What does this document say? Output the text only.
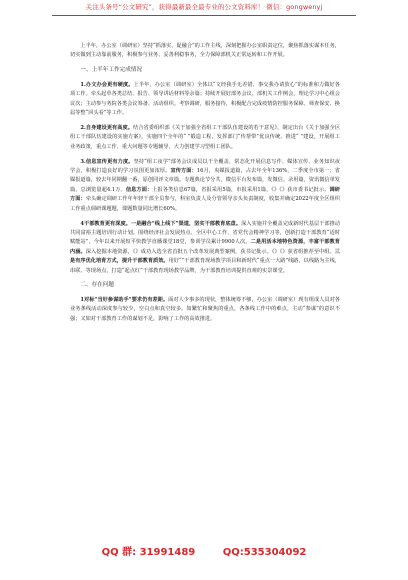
关注头条号“公文研究”，获得最新最全最专业的公文资料库！ 微信：gongwenyj

上半年，办公室（调研室）坚持“抓落实、促融合”的工作主线，深刻把握办公室职责定位，聚焦抓落实谋本任务，切实做到主动靠前服务，积极参与业务、妥善利稳事务，全力保障部机关正常运转和工作开展。

一、上半年工作完成情况

1.办文办会更有硬度。上半年，办公室（调研室）全体以“文经我手无差错、事交我办请放心”的标准和力做好各项工作。牵头起草各类总结、报告、领导讲话材料等余篇；持续开展好部务会议、部机关工作例会，理论学习中心组会议次；主动参与务院各类会议筹备、活动组织。考察调研，服务接待，积极配合完成疫情防控服务保障、筛查保安、换届等整“回头看”等工作。

2.自身建设更有高度。结合省委组织部《关于加强全省组工干部队伍建设的若干意见》，制定出台《关于加强全区组工干部队伍建设的实施方案》，实施四个全年的“ ”锻造工程，发挥部门“传帮带”优良传统，推进“ ”建设，开展组工业务政策，重点工作、重大问题等专题辅导，大力创建学习型组工团队。

3.信息宣传更有力度。坚持“组工夜学”部务会议成员以干全覆盖，常态化开展信息写作、媒体宣传、业务知识夜学会，积极打造良好的学习氛围更加浓厚。宣传方面：16月，央媒报道篇，占去年全年136%，二季度全市第一；省媒报道篇，较去年同期翻一番，原创同评文章篇。专题典论节分共，微信平台发布篇，发微信。录用篇，资讯微信单发篇，总浏览量超4.1万。信息方面：上报各类信息67篇，省报采用5篇，市报采用1篇，《》《》获市委书记批示。调研方面：牵头确定调研工作年年轻干部全员参与，科室负责人及分管领导亲头负责制度，收集并确定2022年度全区组织工作重点调研课题题，课题数量同比增长60%。

4干部教育更有深度。一是融合“线上线下”渠道，坚实干部教育底盘。深入实施并全覆盖完成新时代基层干部推动共同富裕主题培训行动计划。围绕经济社会发展热点、全区中心工作，省党代会精神学习等，创新打造干部教育“适时赋能站”，今年以来开展短平快教学直播课堂18堂，参训学员累计9900人次。二是用活本地特色资源，丰富干部教育内涵。深入挖掘本地资源，《》成功入选全省首批五个改革发展典型案例，获书记批示。《》《》获省组推荐至中组。三是有序优化培育方式，提升干部教育质效。用好“”干部教育现场教学项目和新时代“重点一大路”线路，以线路为主线，串联、等现场点，打造“起点红”干部教育现场教学品牌，为干部教育培训提供直观的实景课堂。

二、存在问题

1对标“当好参谋助手”要求仍有差距。面对人少事多的现状，整体统筹不够，办公室（调研室）现有组成人员对各业务条线活动深度参与较少，空白点和真空较多。如繁忙和聚焦的重点，各条线工作中的难点，主动“参谋”的意识不强；又如对干部教育工作的谋划不足，影响了工作的高效推进。

QQ 群: 31991489	QQ:535304092
